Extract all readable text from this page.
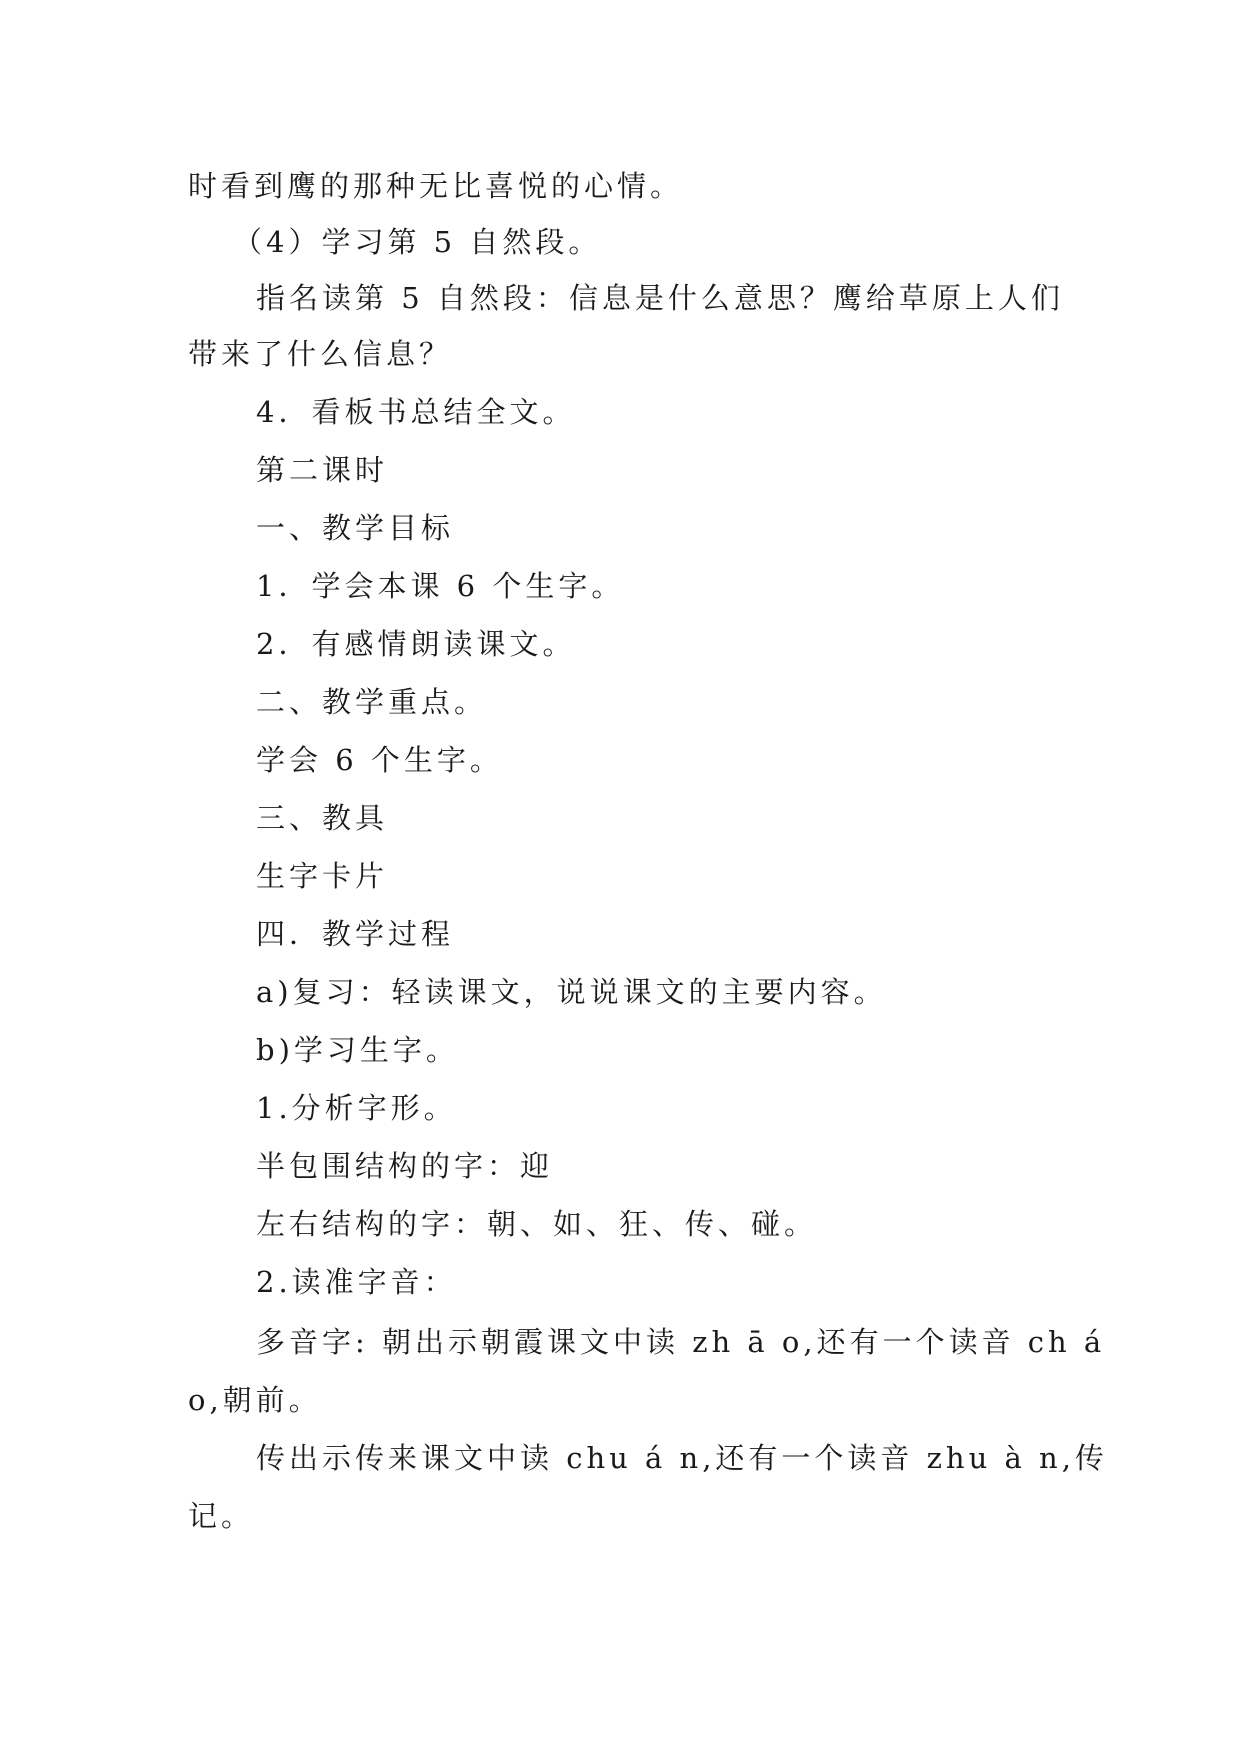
时看到鹰的那种无比喜悦的心情。
（4）学习第 5 自然段。
指名读第 5 自然段：信息是什么意思？鹰给草原上人们
带来了什么信息？
4．看板书总结全文。
第二课时
一、教学目标
1．学会本课 6 个生字。
2．有感情朗读课文。
二、教学重点。
学会 6 个生字。
三、教具
生字卡片
四．教学过程
a)复习：轻读课文，说说课文的主要内容。
b)学习生字。
1.分析字形。
半包围结构的字：迎
左右结构的字：朝、如、狂、传、碰。
2.读准字音：
多音字: 朝出示朝霞课文中读 zh ā o,还有一个读音 ch á
o,朝前。
传出示传来课文中读 chu á n,还有一个读音 zhu à n,传
记。
